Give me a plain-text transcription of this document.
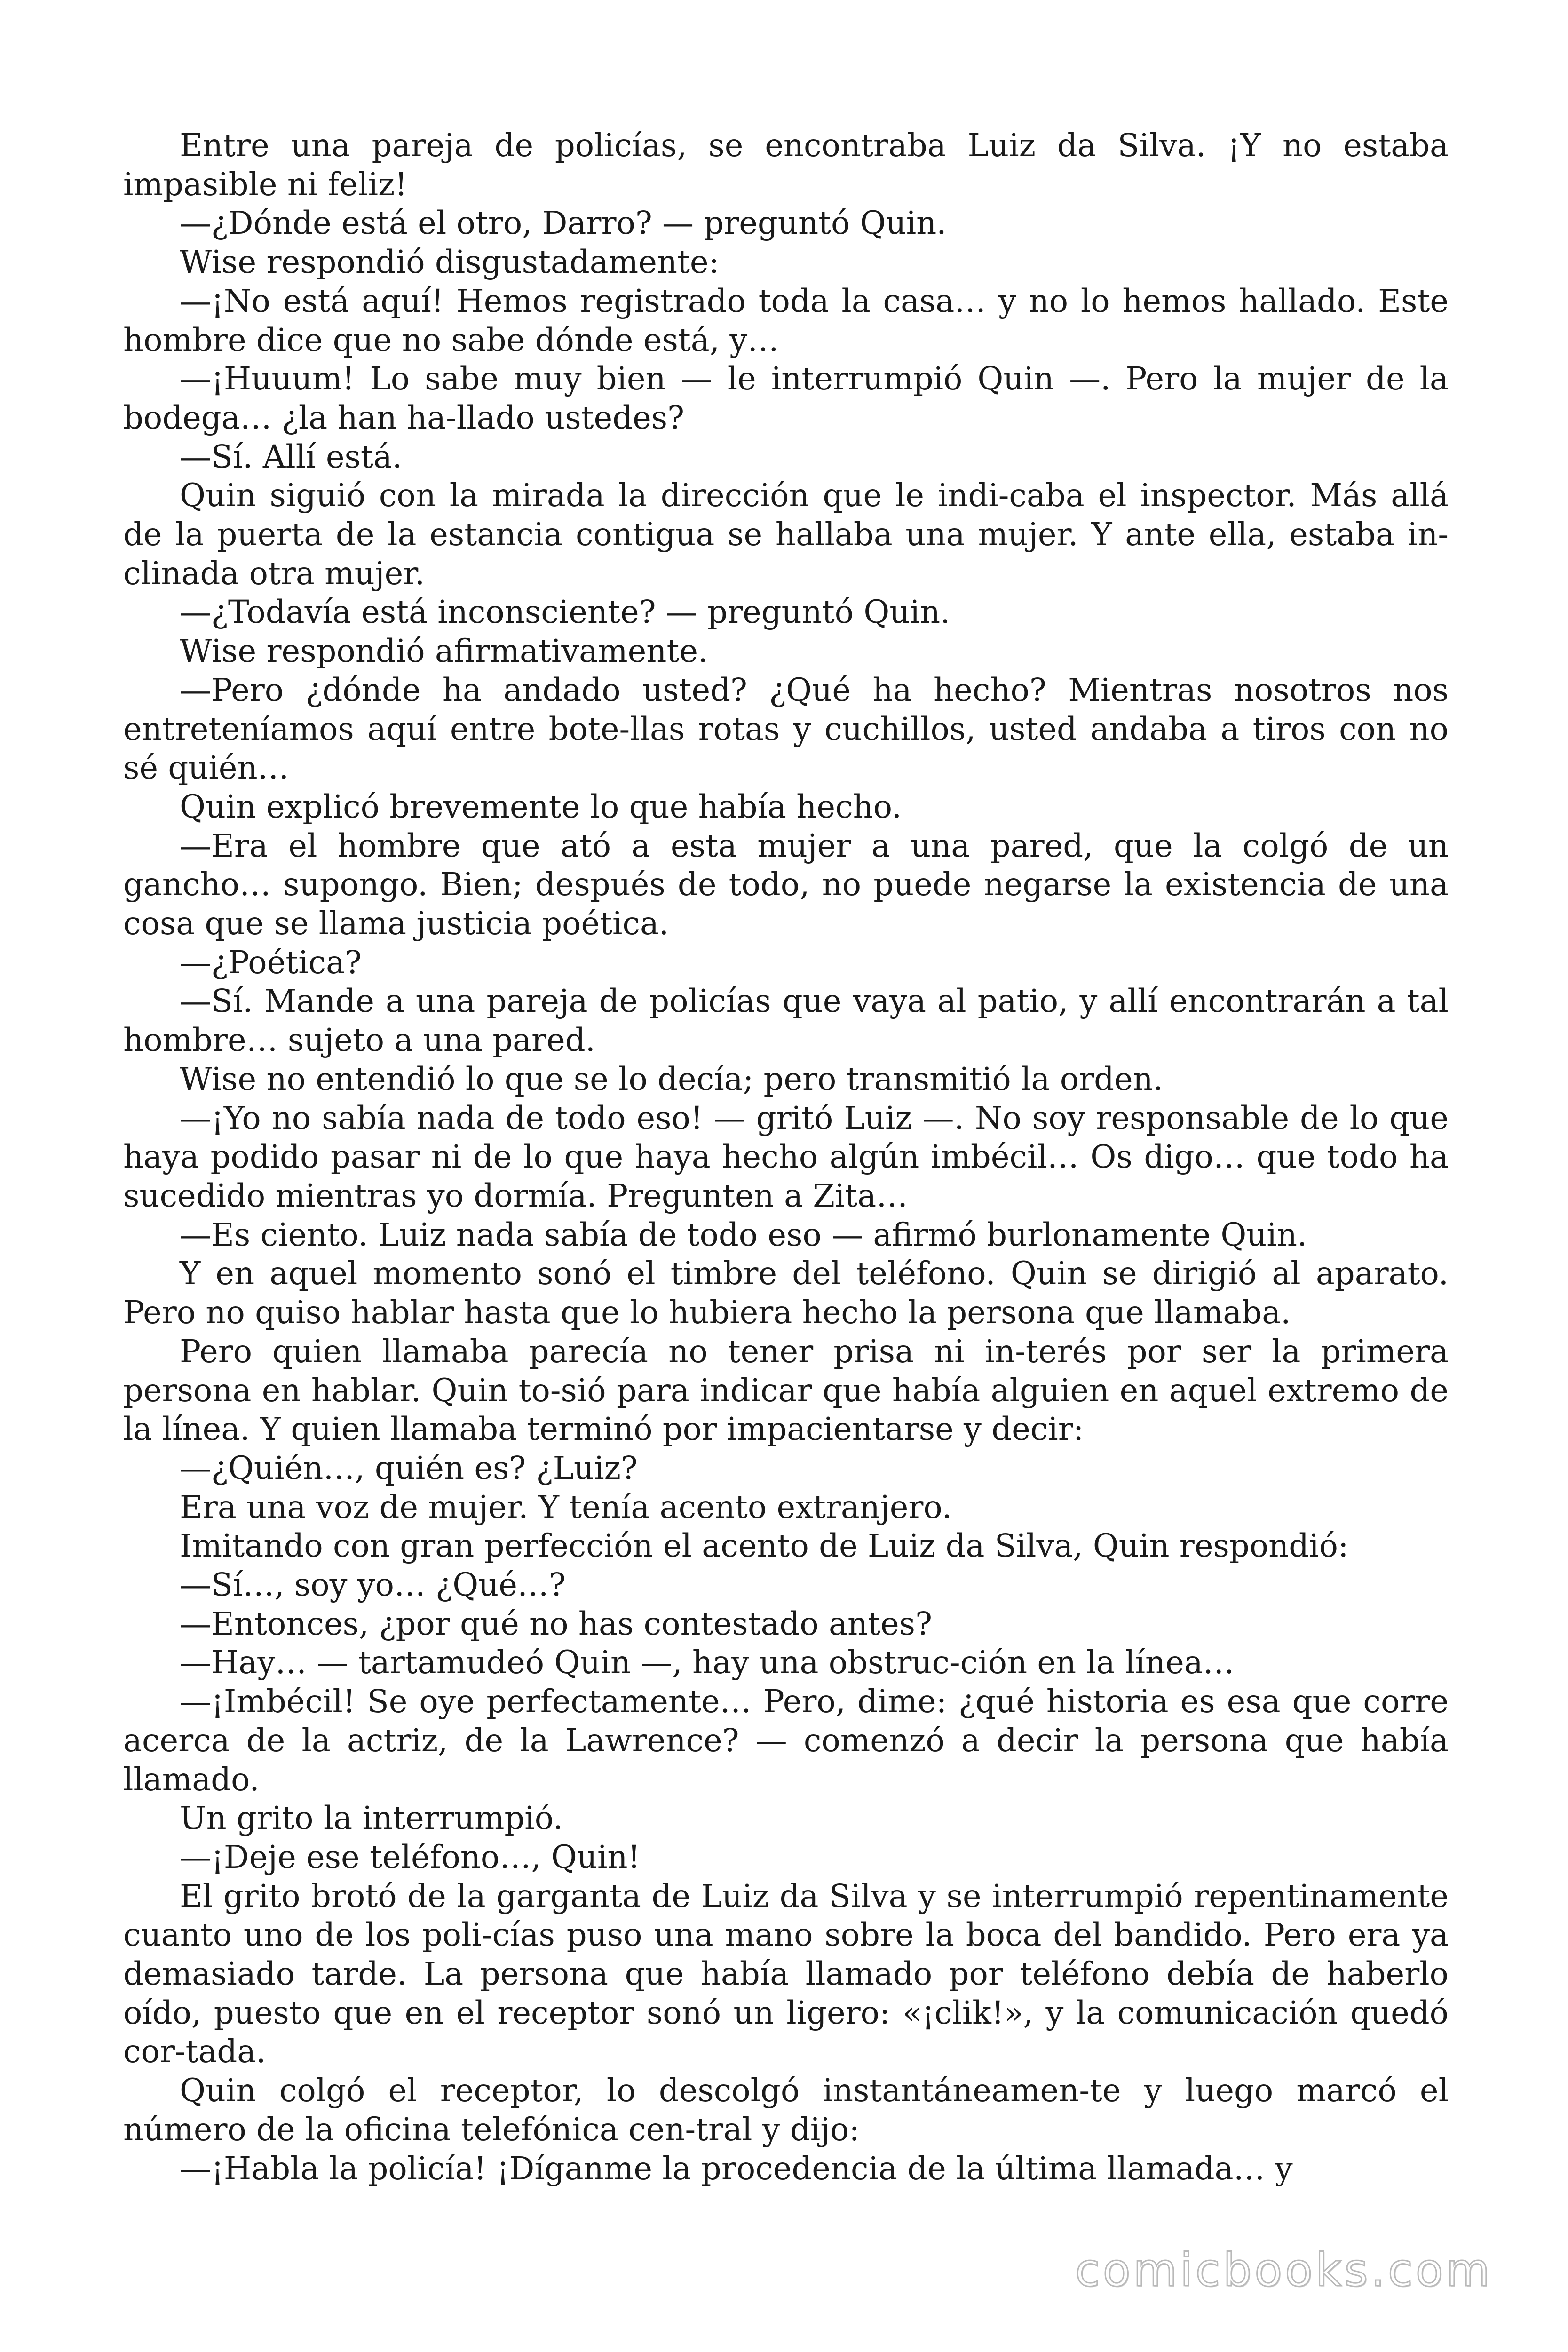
Entre una pareja de policías, se encontraba Luiz da Silva. ¡Y no estaba impasible ni feliz!

—¿Dónde está el otro, Darro? — preguntó Quin.

Wise respondió disgustadamente:

—¡No está aquí! Hemos registrado toda la casa… y no lo hemos hallado. Este hombre dice que no sabe dónde está, y…

—¡Huuum! Lo sabe muy bien — le interrumpió Quin —. Pero la mujer de la bodega… ¿la han ha-llado ustedes?

—Sí. Allí está.

Quin siguió con la mirada la dirección que le indi-caba el inspector. Más allá de la puerta de la estancia contigua se hallaba una mujer. Y ante ella, estaba in-clinada otra mujer.

—¿Todavía está inconsciente? — preguntó Quin.

Wise respondió afirmativamente.

—Pero ¿dónde ha andado usted? ¿Qué ha hecho? Mientras nosotros nos entreteníamos aquí entre bote-llas rotas y cuchillos, usted andaba a tiros con no sé quién…

Quin explicó brevemente lo que había hecho.

—Era el hombre que ató a esta mujer a una pared, que la colgó de un gancho… supongo. Bien; después de todo, no puede negarse la existencia de una cosa que se llama justicia poética.

—¿Poética?

—Sí. Mande a una pareja de policías que vaya al patio, y allí encontrarán a tal hombre… sujeto a una pared.

Wise no entendió lo que se lo decía; pero transmitió la orden.

—¡Yo no sabía nada de todo eso! — gritó Luiz —. No soy responsable de lo que haya podido pasar ni de lo que haya hecho algún imbécil… Os digo… que todo ha sucedido mientras yo dormía. Pregunten a Zita…

—Es ciento. Luiz nada sabía de todo eso — afirmó burlonamente Quin.

Y en aquel momento sonó el timbre del teléfono. Quin se dirigió al aparato. Pero no quiso hablar hasta que lo hubiera hecho la persona que llamaba.

Pero quien llamaba parecía no tener prisa ni in-terés por ser la primera persona en hablar. Quin to-sió para indicar que había alguien en aquel extremo de la línea. Y quien llamaba terminó por impacientarse y decir:

—¿Quién…, quién es? ¿Luiz?

Era una voz de mujer. Y tenía acento extranjero.

Imitando con gran perfección el acento de Luiz da Silva, Quin respondió:

—Sí…, soy yo… ¿Qué…?

—Entonces, ¿por qué no has contestado antes?

—Hay… — tartamudeó Quin —, hay una obstruc-ción en la línea…

—¡Imbécil! Se oye perfectamente… Pero, dime: ¿qué historia es esa que corre acerca de la actriz, de la Lawrence? — comenzó a decir la persona que había llamado.

Un grito la interrumpió.

—¡Deje ese teléfono…, Quin!

El grito brotó de la garganta de Luiz da Silva y se interrumpió repentinamente cuanto uno de los poli-cías puso una mano sobre la boca del bandido. Pero era ya demasiado tarde. La persona que había llamado por teléfono debía de haberlo oído, puesto que en el receptor sonó un ligero: «¡clik!», y la comunicación quedó cor-tada.

Quin colgó el receptor, lo descolgó instantáneamen-te y luego marcó el número de la oficina telefónica cen-tral y dijo:

—¡Habla la policía! ¡Díganme la procedencia de la última llamada… y

comicbooks.com
